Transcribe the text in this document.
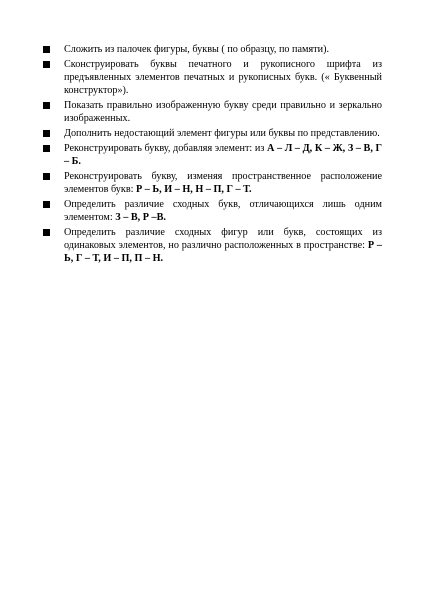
Сложить из палочек фигуры, буквы ( по образцу, по памяти).
Сконструировать буквы печатного и рукописного шрифта из предъявленных элементов печатных и рукописных букв. (« Буквенный конструктор»).
Показать правильно изображенную букву среди правильно и зеркально изображенных.
Дополнить недостающий элемент фигуры или буквы по представлению.
Реконструировать букву, добавляя элемент: из А – Л – Д, К – Ж, З – В, Г – Б.
Реконструировать букву, изменяя пространственное расположение элементов букв: Р – Ь, И – Н, Н – П, Г – Т.
Определить различие сходных букв, отличающихся лишь одним элементом: З – В, Р –В.
Определить различие сходных фигур или букв, состоящих из одинаковых элементов, но различно расположенных в пространстве: Р – Ь, Г – Т, И – П, П – Н.
